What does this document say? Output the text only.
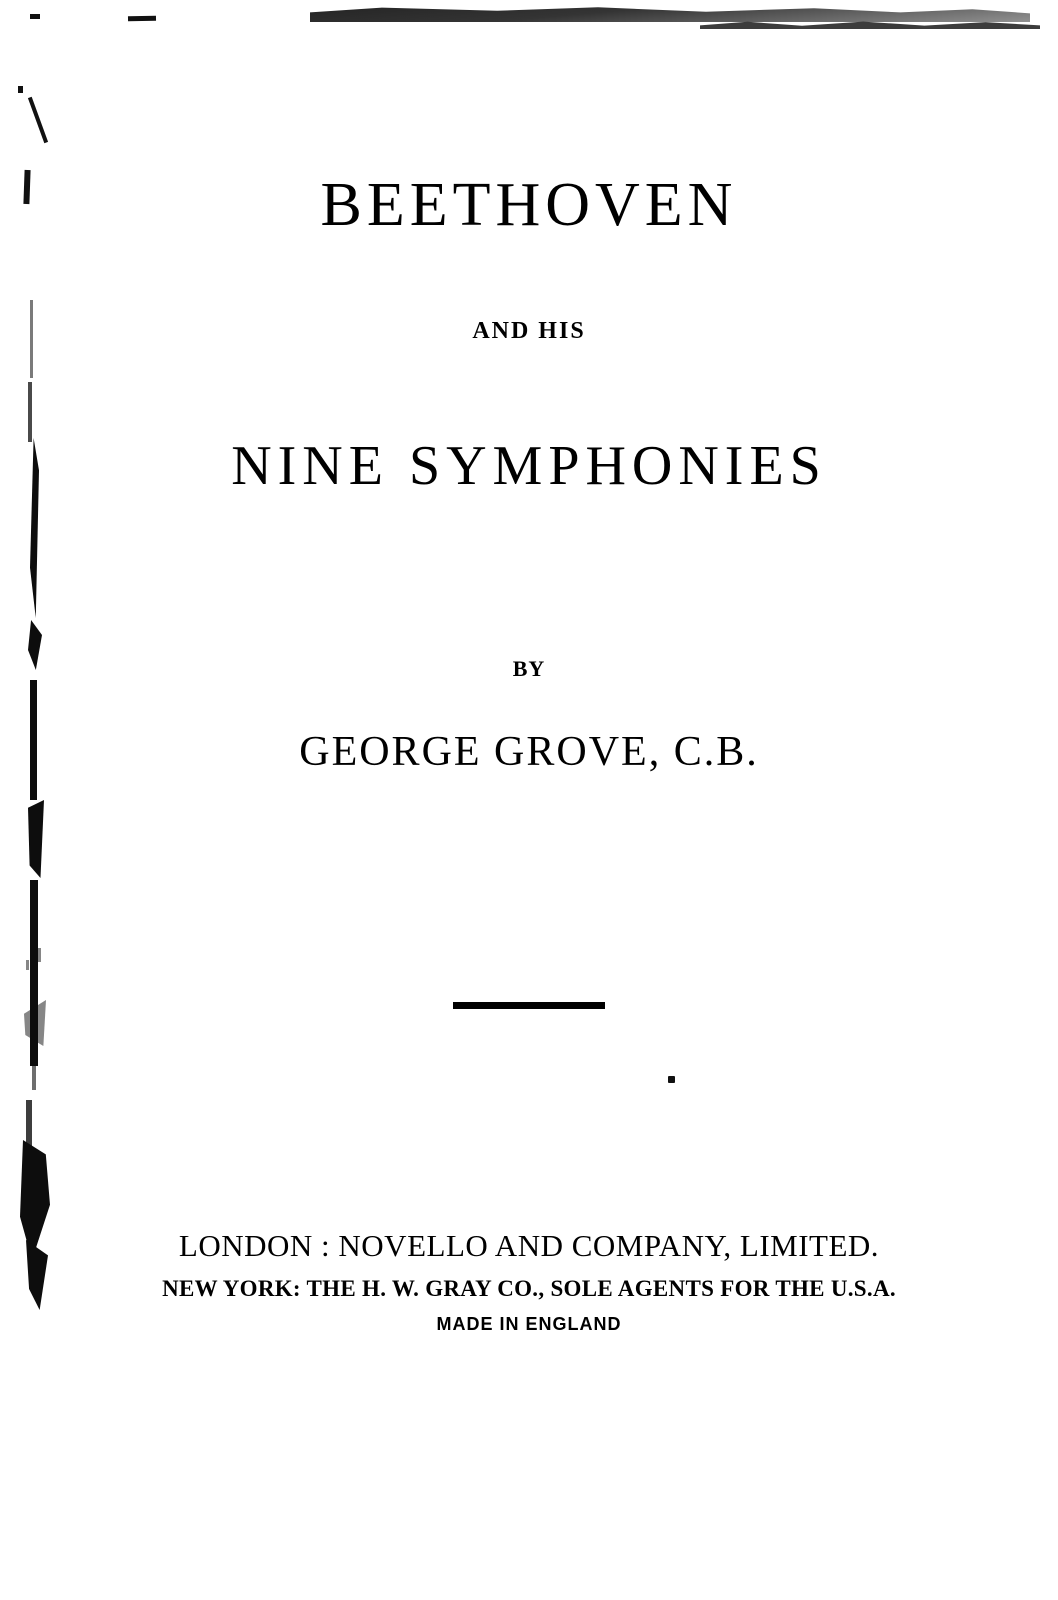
BEETHOVEN
AND HIS
NINE SYMPHONIES
BY
GEORGE GROVE, C.B.
LONDON : NOVELLO AND COMPANY, LIMITED.
NEW YORK: THE H. W. GRAY CO., SOLE AGENTS FOR THE U.S.A.
MADE IN ENGLAND
